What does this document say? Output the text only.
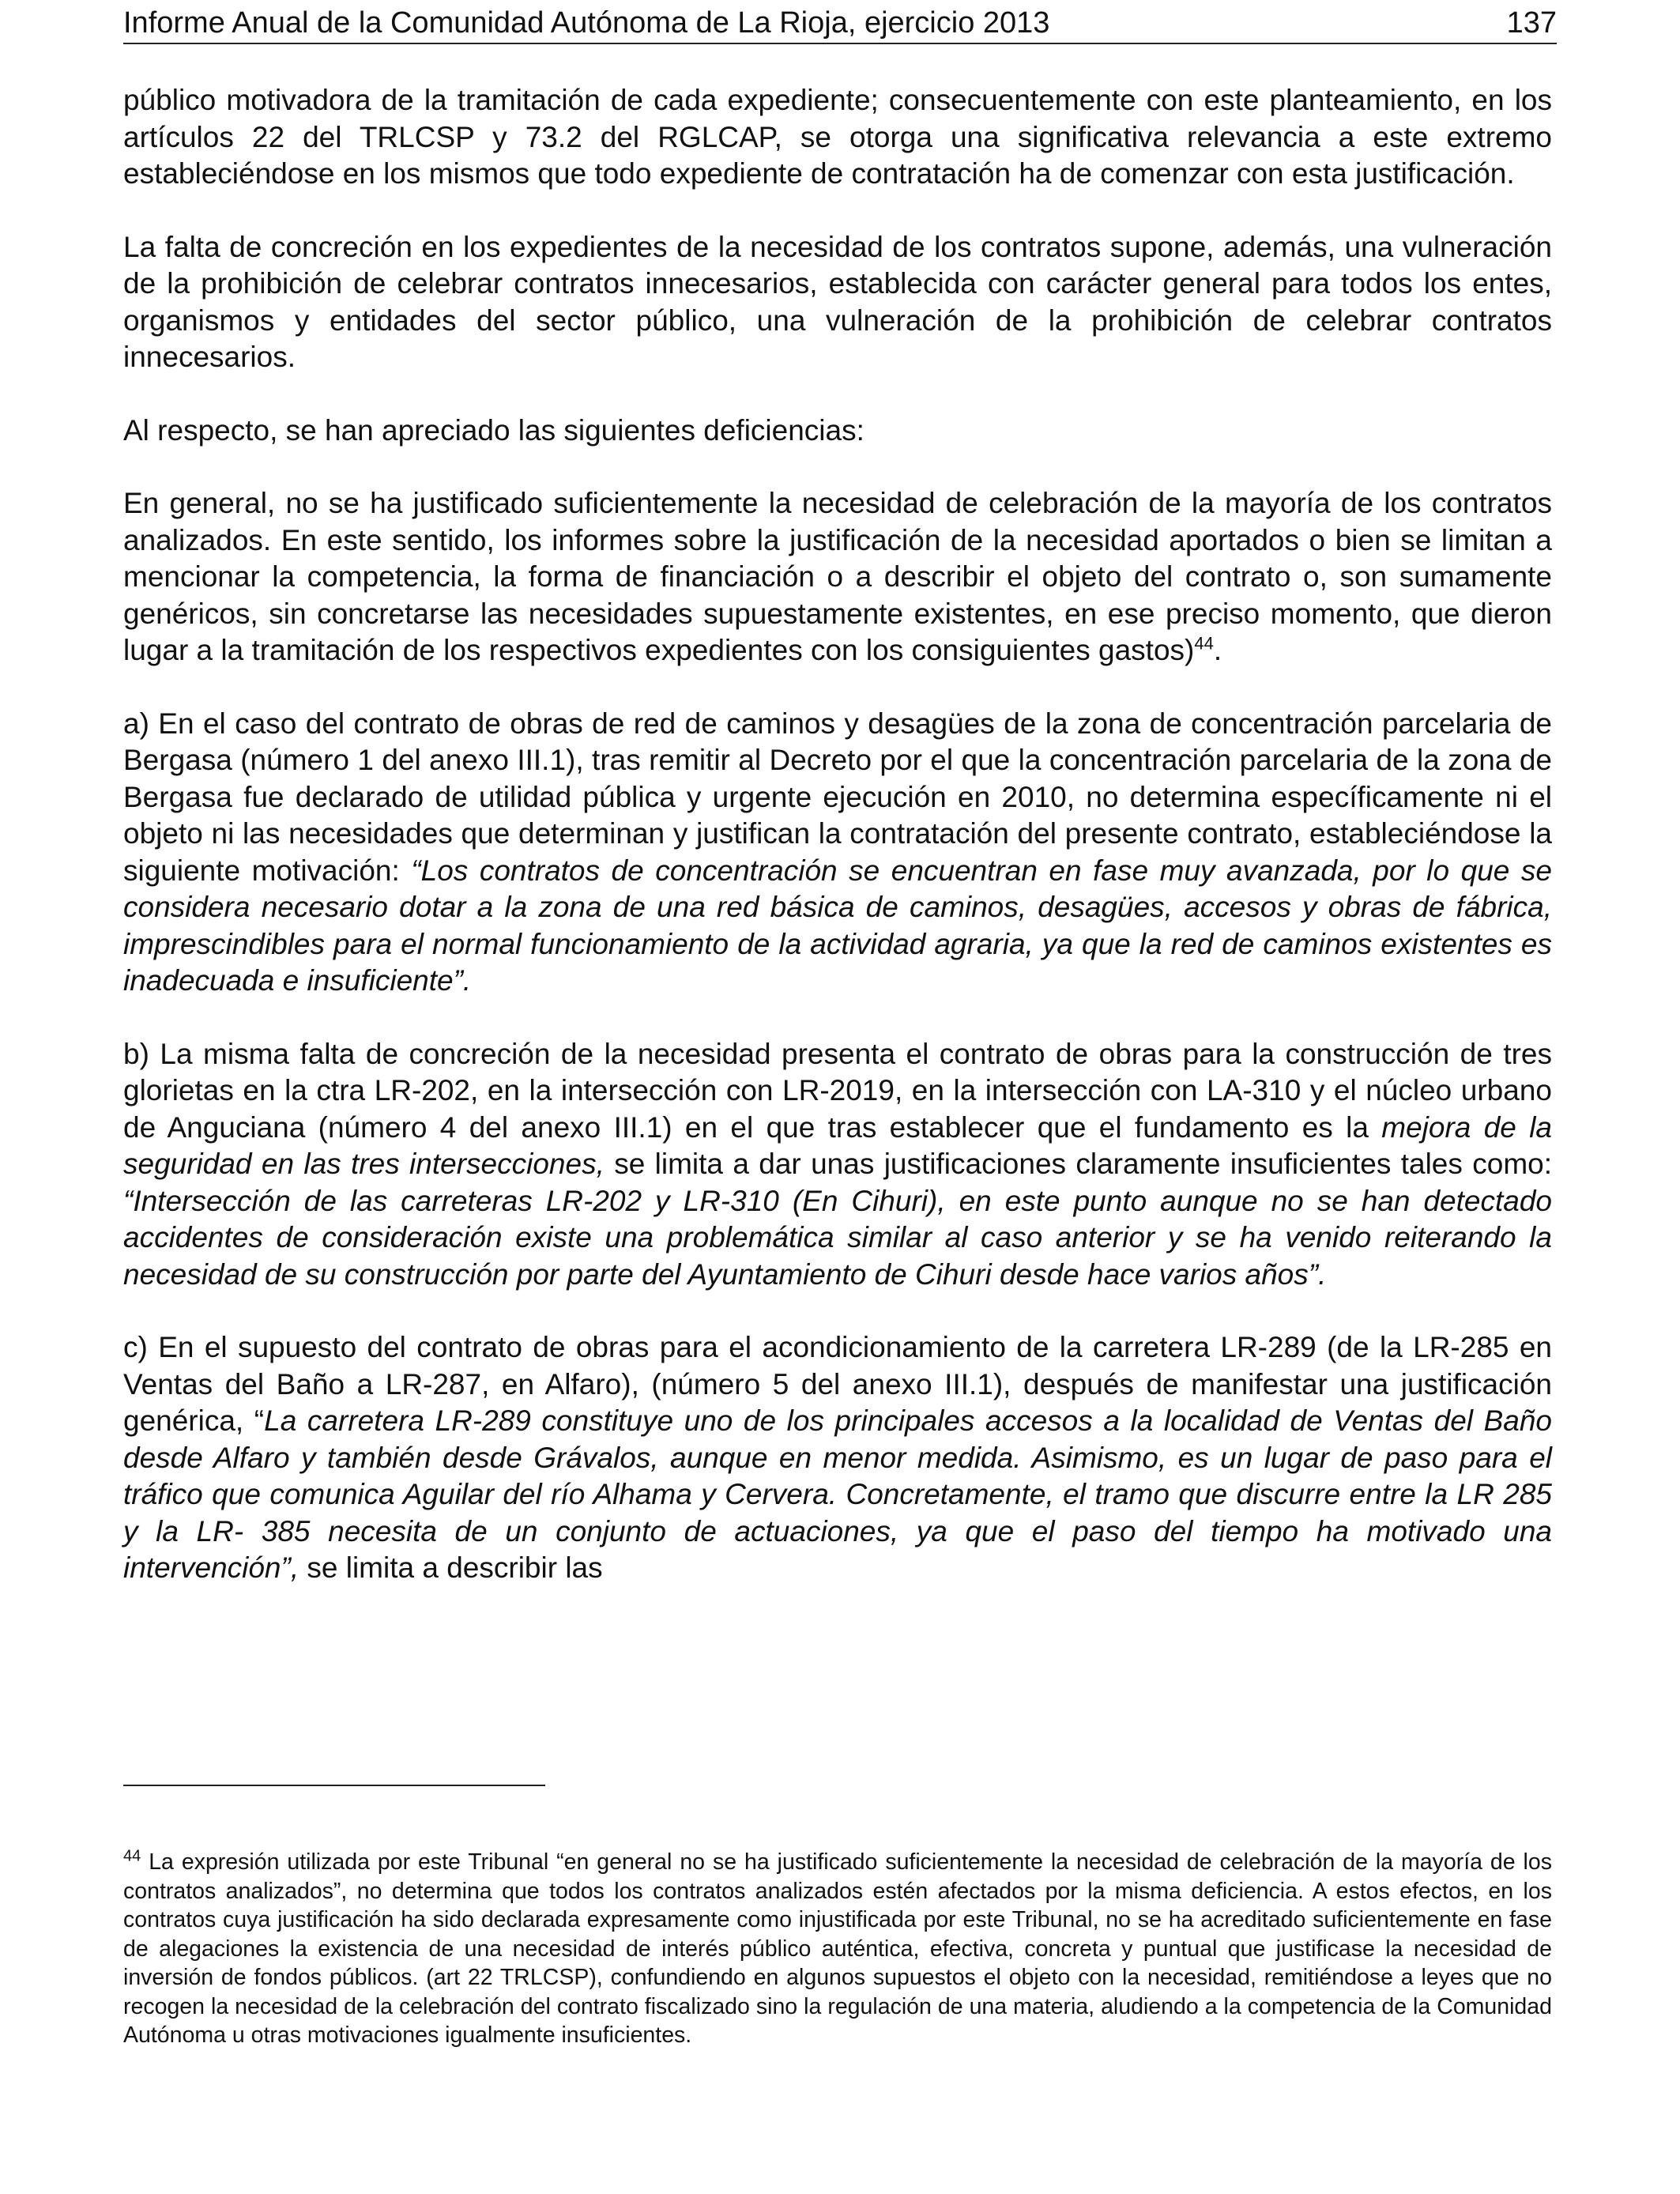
Informe Anual de la Comunidad Autónoma de La Rioja, ejercicio 2013	137

público motivadora de la tramitación de cada expediente; consecuentemente con este planteamiento, en los artículos 22 del TRLCSP y 73.2 del RGLCAP, se otorga una significativa relevancia a este extremo estableciéndose en los mismos que todo expediente de contratación ha de comenzar con esta justificación.

La falta de concreción en los expedientes de la necesidad de los contratos supone, además, una vulneración de la prohibición de celebrar contratos innecesarios, establecida con carácter general para todos los entes, organismos y entidades del sector público, una vulneración de la prohibición de celebrar contratos innecesarios.

Al respecto, se han apreciado las siguientes deficiencias:

En general, no se ha justificado suficientemente la necesidad de celebración de la mayoría de los contratos analizados. En este sentido, los informes sobre la justificación de la necesidad aportados o bien se limitan a mencionar la competencia, la forma de financiación o a describir el objeto del contrato o, son sumamente genéricos, sin concretarse las necesidades supuestamente existentes, en ese preciso momento, que dieron lugar a la tramitación de los respectivos expedientes con los consiguientes gastos)$^{44}$.

a) En el caso del contrato de obras de red de caminos y desagües de la zona de concentración parcelaria de Bergasa (número 1 del anexo III.1), tras remitir al Decreto por el que la concentración parcelaria de la zona de Bergasa fue declarado de utilidad pública y urgente ejecución en 2010, no determina específicamente ni el objeto ni las necesidades que determinan y justifican la contratación del presente contrato, estableciéndose la siguiente motivación: “Los contratos de concentración se encuentran en fase muy avanzada, por lo que se considera necesario dotar a la zona de una red básica de caminos, desagües, accesos y obras de fábrica, imprescindibles para el normal funcionamiento de la actividad agraria, ya que la red de caminos existentes es inadecuada e insuficiente”.

b) La misma falta de concreción de la necesidad presenta el contrato de obras para la construcción de tres glorietas en la ctra LR-202, en la intersección con LR-2019, en la intersección con LA-310 y el núcleo urbano de Anguciana (número 4 del anexo III.1) en el que tras establecer que el fundamento es la mejora de la seguridad en las tres intersecciones, se limita a dar unas justificaciones claramente insuficientes tales como: “Intersección de las carreteras LR-202 y LR-310 (En Cihuri), en este punto aunque no se han detectado accidentes de consideración existe una problemática similar al caso anterior y se ha venido reiterando la necesidad de su construcción por parte del Ayuntamiento de Cihuri desde hace varios años”.

c) En el supuesto del contrato de obras para el acondicionamiento de la carretera LR-289 (de la LR-285 en Ventas del Baño a LR-287, en Alfaro), (número 5 del anexo III.1), después de manifestar una justificación genérica, “La carretera LR-289 constituye uno de los principales accesos a la localidad de Ventas del Baño desde Alfaro y también desde Grávalos, aunque en menor medida. Asimismo, es un lugar de paso para el tráfico que comunica Aguilar del río Alhama y Cervera. Concretamente, el tramo que discurre entre la LR 285 y la LR- 385 necesita de un conjunto de actuaciones, ya que el paso del tiempo ha motivado una intervención”, se limita a describir las

$^{44}$ La expresión utilizada por este Tribunal “en general no se ha justificado suficientemente la necesidad de celebración de la mayoría de los contratos analizados”, no determina que todos los contratos analizados estén afectados por la misma deficiencia. A estos efectos, en los contratos cuya justificación ha sido declarada expresamente como injustificada por este Tribunal, no se ha acreditado suficientemente en fase de alegaciones la existencia de una necesidad de interés público auténtica, efectiva, concreta y puntual que justificase la necesidad de inversión de fondos públicos. (art 22 TRLCSP), confundiendo en algunos supuestos el objeto con la necesidad, remitiéndose a leyes que no recogen la necesidad de la celebración del contrato fiscalizado sino la regulación de una materia, aludiendo a la competencia de la Comunidad Autónoma u otras motivaciones igualmente insuficientes.
